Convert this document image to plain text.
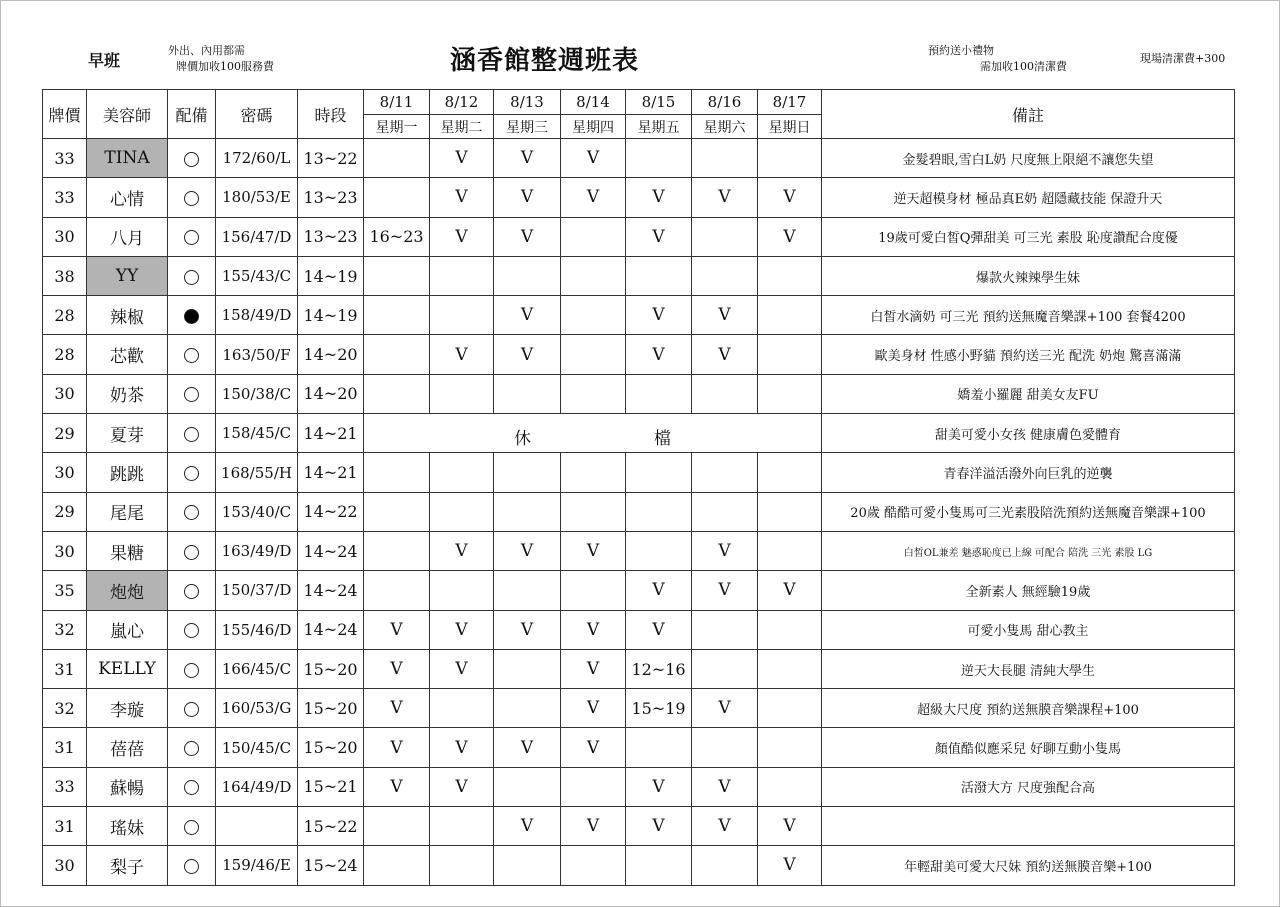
早班
外出、內用都需
牌價加收100服務費	涵香館整週班表	預約送小禮物
需加收100清潔費
現場清潔費+300
牌價	美容師	配備	密碼	時段	8/11	8/12	8/13	8/14	8/15	8/16	8/17	備註
					星期一	星期二	星期三	星期四	星期五	星期六	星期日	
33	TINA		172/60/L	13~22		V	V	V				金髮碧眼,雪白L奶 尺度無上限絕不讓您失望
33	心情		180/53/E	13~23		V	V	V	V	V	V	逆天超模身材 極品真E奶 超隱藏技能 保證升天
30	八月		156/47/D	13~23	16~23	V	V		V		V	19歲可愛白皙Q彈甜美 可三光 素股 恥度讚配合度優
38	YY		155/43/C	14~19								爆款火辣辣學生妹
28	辣椒		158/49/D	14~19			V		V	V		白皙水滴奶 可三光 預約送無魔音樂課+100 套餐4200
28	芯歡		163/50/F	14~20		V	V		V	V		歐美身材 性感小野貓 預約送三光 配洗 奶炮 驚喜滿滿
30	奶茶		150/38/C	14~20								嬌羞小羅麗 甜美女友FU
29	夏芽		158/45/C	14~21	休 檔							甜美可愛小女孩 健康膚色愛體育
30	跳跳		168/55/H	14~21								青春洋溢活潑外向巨乳的逆襲
29	尾尾		153/40/C	14~22								20歲 酷酷可愛小隻馬可三光素股陪洗預約送無魔音樂課+100
30	果糖		163/49/D	14~24		V	V	V		V		白皙OL兼差 魅惑恥度已上線 可配合 陪洗 三光 素股 LG
35	炮炮		150/37/D	14~24					V	V	V	全新素人 無經驗19歲
32	嵐心		155/46/D	14~24	V	V	V	V	V			可愛小隻馬 甜心教主
31	KELLY		166/45/C	15~20	V	V		V	12~16			逆天大長腿 清純大學生
32	李璇		160/53/G	15~20	V			V	15~19	V		超級大尺度 預約送無膜音樂課程+100
31	蓓蓓		150/45/C	15~20	V	V	V	V				顏值酷似應采兒 好聊互動小隻馬
33	蘇暢		164/49/D	15~21	V	V			V	V		活潑大方 尺度強配合高
31	瑤妹			15~22			V	V	V	V	V	
30	梨子		159/46/E	15~24							V	年輕甜美可愛大尺妹 預約送無膜音樂+100
